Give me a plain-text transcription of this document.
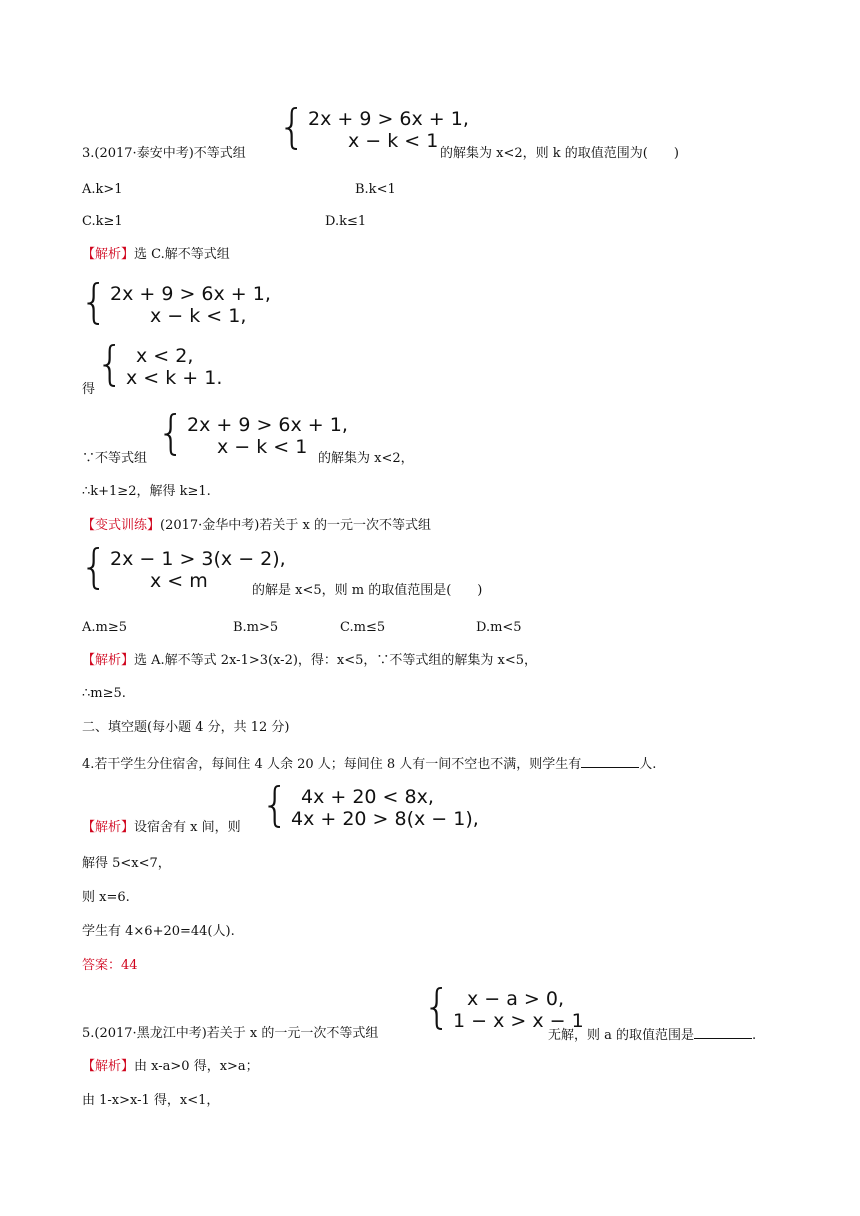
3.(2017·泰安中考)不等式组 { 2x + 9 > 6x + 1,
x − k < 1
的解集为 x<2，则 k 的取值范围为(　　)
A.k>1	B.k<1
C.k≥1	D.k≤1
【解析】选 C.解不等式组
{ 2x + 9 > 6x + 1,
x − k < 1,
得 { x < 2,
x < k + 1.
∵不等式组 { 2x + 9 > 6x + 1,
x − k < 1
的解集为 x<2，
∴k+1≥2，解得 k≥1.
【变式训练】(2017·金华中考)若关于 x 的一元一次不等式组
{ 2x − 1 > 3(x − 2),
x < m	的解是 x<5，则 m 的取值范围是(　　)
A.m≥5	B.m>5	C.m≤5	D.m<5
【解析】选 A.解不等式 2x-1>3(x-2)，得：x<5，∵不等式组的解集为 x<5，
∴m≥5.
二、填空题(每小题 4 分，共 12 分)
4.若干学生分住宿舍，每间住 4 人余 20 人；每间住 8 人有一间不空也不满，则学生有	人.
【解析】设宿舍有 x 间，则 { 4x + 20 < 8x,
4x + 20 > 8(x − 1),
解得 5<x<7，
则 x=6.
学生有 4×6+20=44(人).
答案：44
5.(2017·黑龙江中考)若关于 x 的一元一次不等式组 { x − a > 0,
1 − x > x − 1
无解，则 a 的取值范围是	.
【解析】由 x-a>0 得，x>a；
由 1-x>x-1 得，x<1，
